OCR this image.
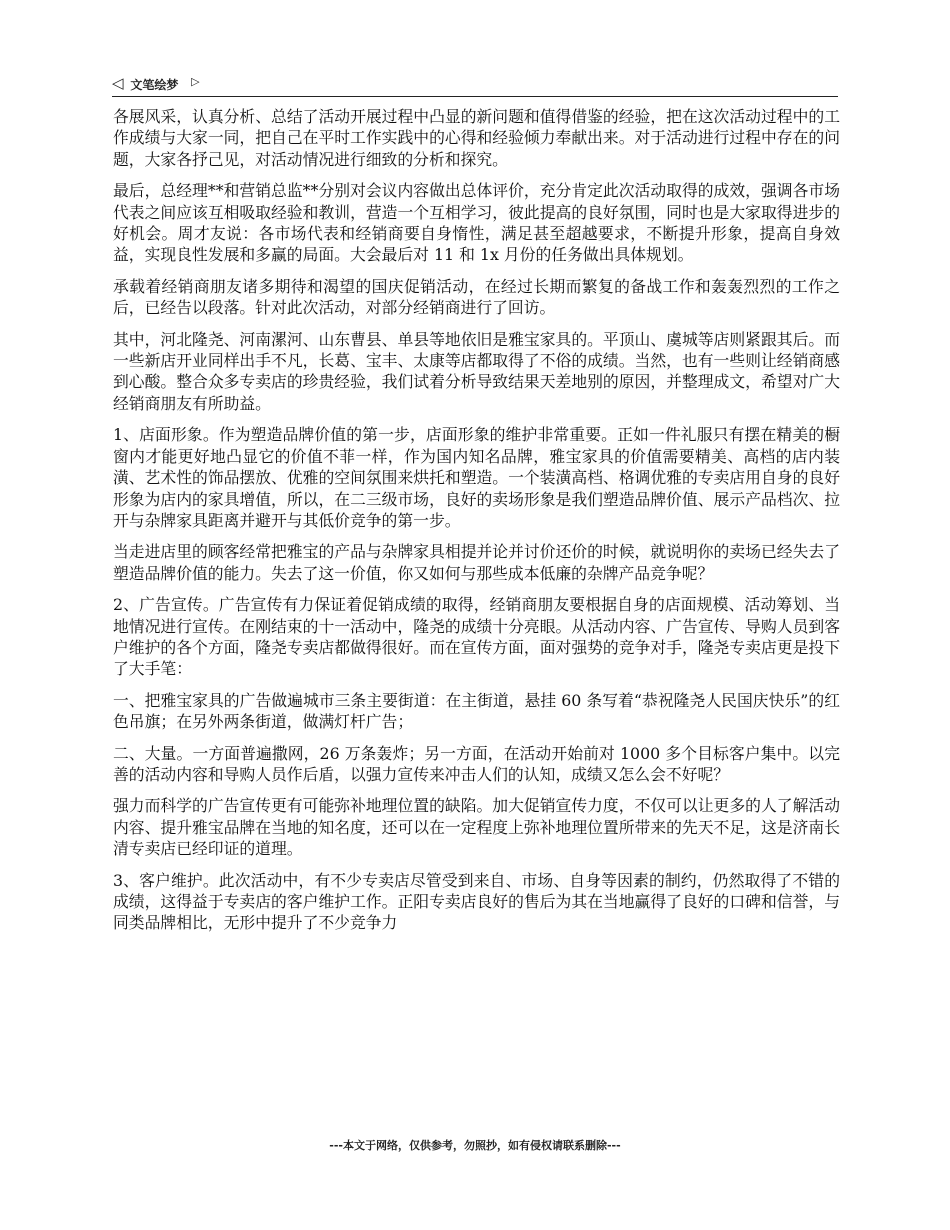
◁ $^{文笔绘梦}$ ▷

各展风采，认真分析、总结了活动开展过程中凸显的新问题和值得借鉴的经验，把在这次活动过程中的工作成绩与大家一同，把自己在平时工作实践中的心得和经验倾力奉献出来。对于活动进行过程中存在的问题，大家各抒己见，对活动情况进行细致的分析和探究。

最后，总经理**和营销总监**分别对会议内容做出总体评价，充分肯定此次活动取得的成效，强调各市场代表之间应该互相吸取经验和教训，营造一个互相学习，彼此提高的良好氛围，同时也是大家取得进步的好机会。周才友说：各市场代表和经销商要自身惰性，满足甚至超越要求，不断提升形象，提高自身效益，实现良性发展和多赢的局面。大会最后对 11 和 1x 月份的任务做出具体规划。

承载着经销商朋友诸多期待和渴望的国庆促销活动，在经过长期而繁复的备战工作和轰轰烈烈的工作之后，已经告以段落。针对此次活动，对部分经销商进行了回访。

其中，河北隆尧、河南漯河、山东曹县、单县等地依旧是雅宝家具的。平顶山、虞城等店则紧跟其后。而一些新店开业同样出手不凡，长葛、宝丰、太康等店都取得了不俗的成绩。当然，也有一些则让经销商感到心酸。整合众多专卖店的珍贵经验，我们试着分析导致结果天差地别的原因，并整理成文，希望对广大经销商朋友有所助益。

1、店面形象。作为塑造品牌价值的第一步，店面形象的维护非常重要。正如一件礼服只有摆在精美的橱窗内才能更好地凸显它的价值不菲一样，作为国内知名品牌，雅宝家具的价值需要精美、高档的店内装潢、艺术性的饰品摆放、优雅的空间氛围来烘托和塑造。一个装潢高档、格调优雅的专卖店用自身的良好形象为店内的家具增值，所以，在二三级市场，良好的卖场形象是我们塑造品牌价值、展示产品档次、拉开与杂牌家具距离并避开与其低价竞争的第一步。

当走进店里的顾客经常把雅宝的产品与杂牌家具相提并论并讨价还价的时候，就说明你的卖场已经失去了塑造品牌价值的能力。失去了这一价值，你又如何与那些成本低廉的杂牌产品竞争呢？

2、广告宣传。广告宣传有力保证着促销成绩的取得，经销商朋友要根据自身的店面规模、活动筹划、当地情况进行宣传。在刚结束的十一活动中，隆尧的成绩十分亮眼。从活动内容、广告宣传、导购人员到客户维护的各个方面，隆尧专卖店都做得很好。而在宣传方面，面对强势的竞争对手，隆尧专卖店更是投下了大手笔：

一、把雅宝家具的广告做遍城市三条主要街道：在主街道，悬挂 60 条写着“恭祝隆尧人民国庆快乐”的红色吊旗；在另外两条街道，做满灯杆广告；

二、大量。一方面普遍撒网，26 万条轰炸；另一方面，在活动开始前对 1000 多个目标客户集中。以完善的活动内容和导购人员作后盾，以强力宣传来冲击人们的认知，成绩又怎么会不好呢？

强力而科学的广告宣传更有可能弥补地理位置的缺陷。加大促销宣传力度，不仅可以让更多的人了解活动内容、提升雅宝品牌在当地的知名度，还可以在一定程度上弥补地理位置所带来的先天不足，这是济南长清专卖店已经印证的道理。

3、客户维护。此次活动中，有不少专卖店尽管受到来自、市场、自身等因素的制约，仍然取得了不错的成绩，这得益于专卖店的客户维护工作。正阳专卖店良好的售后为其在当地赢得了良好的口碑和信誉，与同类品牌相比，无形中提升了不少竞争力

---本文于网络，仅供参考，勿照抄，如有侵权请联系删除---
